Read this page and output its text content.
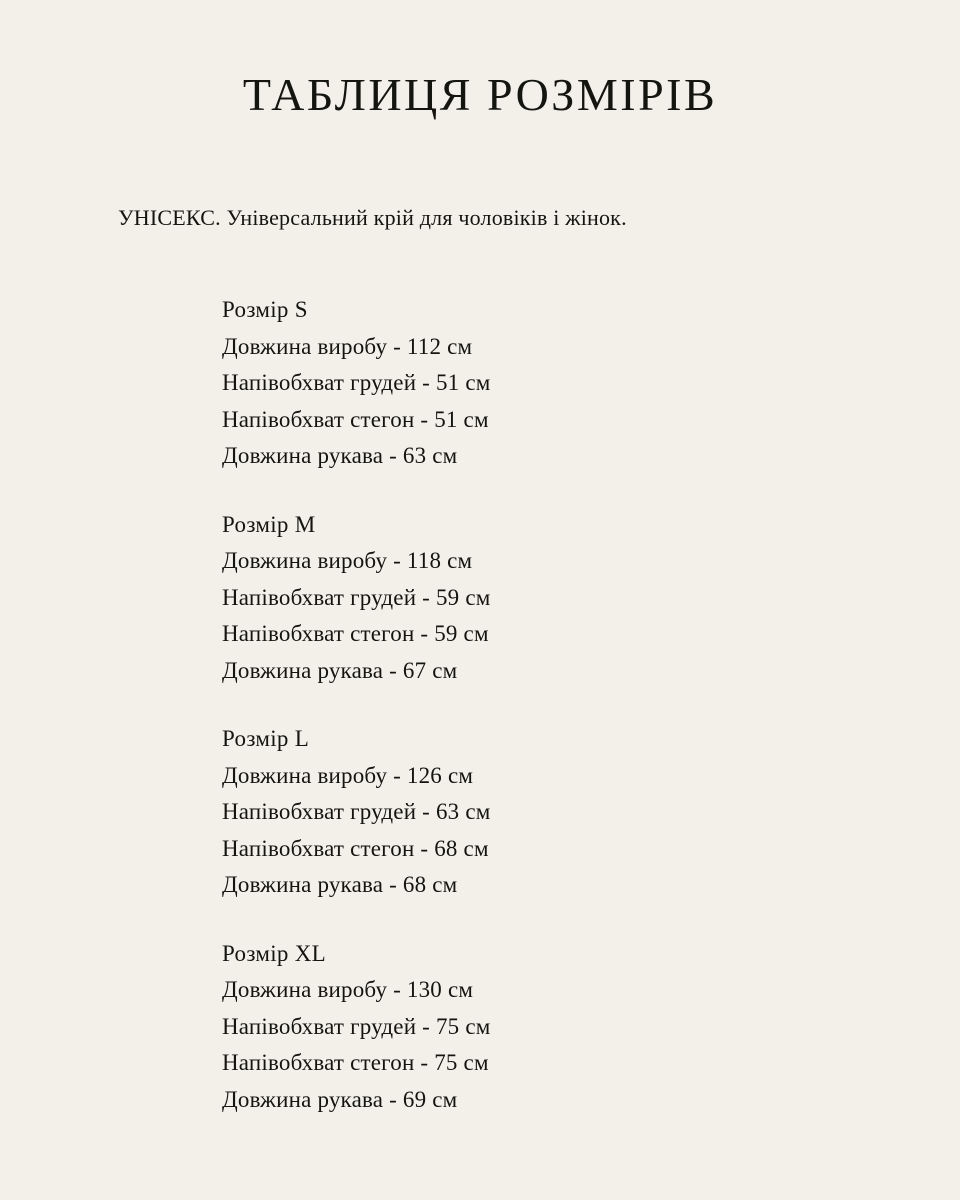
ТАБЛИЦЯ РОЗМІРІВ
УНІСЕКС. Універсальний крій для чоловіків і жінок.
Розмір S
Довжина виробу - 112 см
Напівобхват грудей - 51 см
Напівобхват стегон - 51 см
Довжина рукава - 63 см
Розмір M
Довжина виробу - 118 см
Напівобхват грудей - 59 см
Напівобхват стегон - 59 см
Довжина рукава - 67 см
Розмір L
Довжина виробу - 126 см
Напівобхват грудей - 63 см
Напівобхват стегон - 68 см
Довжина рукава - 68 см
Розмір XL
Довжина виробу - 130 см
Напівобхват грудей - 75 см
Напівобхват стегон - 75 см
Довжина рукава - 69 см
